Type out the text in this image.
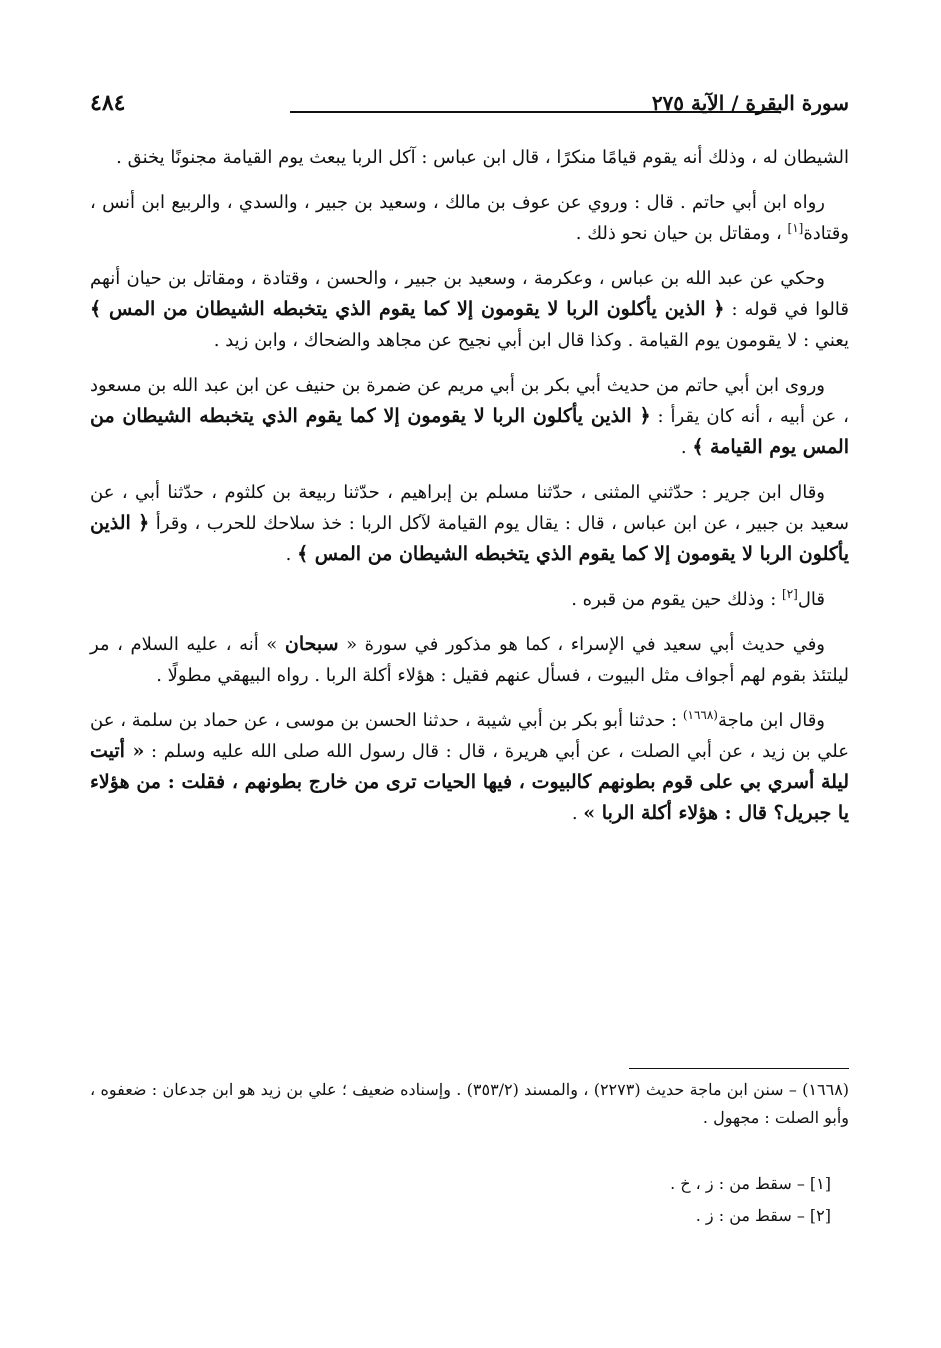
سورة البقرة / الآية ٢٧٥
٤٨٤

الشيطان له ، وذلك أنه يقوم قيامًا منكرًا ، قال ابن عباس : آكل الربا يبعث يوم القيامة مجنونًا يخنق .

رواه ابن أبي حاتم . قال : وروي عن عوف بن مالك ، وسعيد بن جبير ، والسدي ، والربيع ابن أنس ، وقتادة[١] ، ومقاتل بن حيان نحو ذلك .

وحكي عن عبد الله بن عباس ، وعكرمة ، وسعيد بن جبير ، والحسن ، وقتادة ، ومقاتل بن حيان أنهم قالوا في قوله : ﴿ الذين يأكلون الربا لا يقومون إلا كما يقوم الذي يتخبطه الشيطان من المس ﴾ يعني : لا يقومون يوم القيامة . وكذا قال ابن أبي نجيح عن مجاهد والضحاك ، وابن زيد .

وروى ابن أبي حاتم من حديث أبي بكر بن أبي مريم عن ضمرة بن حنيف عن ابن عبد الله بن مسعود ، عن أبيه ، أنه كان يقرأ : ﴿ الذين يأكلون الربا لا يقومون إلا كما يقوم الذي يتخبطه الشيطان من المس يوم القيامة ﴾ .

وقال ابن جرير : حدّثني المثنى ، حدّثنا مسلم بن إبراهيم ، حدّثنا ربيعة بن كلثوم ، حدّثنا أبي ، عن سعيد بن جبير ، عن ابن عباس ، قال : يقال يوم القيامة لآكل الربا : خذ سلاحك للحرب ، وقرأ ﴿ الذين يأكلون الربا لا يقومون إلا كما يقوم الذي يتخبطه الشيطان من المس ﴾ .

قال[٢] : وذلك حين يقوم من قبره .

وفي حديث أبي سعيد في الإسراء ، كما هو مذكور في سورة « سبحان » أنه ، عليه السلام ، مر ليلتئذ بقوم لهم أجواف مثل البيوت ، فسأل عنهم فقيل : هؤلاء أكلة الربا . رواه البيهقي مطولًا .

وقال ابن ماجة$^{(١٦٦٨)}$ : حدثنا أبو بكر بن أبي شيبة ، حدثنا الحسن بن موسى ، عن حماد بن سلمة ، عن علي بن زيد ، عن أبي الصلت ، عن أبي هريرة ، قال : قال رسول الله صلى الله عليه وسلم : « أتيت ليلة أسري بي على قوم بطونهم كالبيوت ، فيها الحيات ترى من خارج بطونهم ، فقلت : من هؤلاء يا جبريل؟ قال : هؤلاء أكلة الربا » .

(١٦٦٨) – سنن ابن ماجة حديث (٢٢٧٣) ، والمسند (٣٥٣/٢) . وإسناده ضعيف ؛ علي بن زيد هو ابن جدعان : ضعفوه ، وأبو الصلت : مجهول .

[١] – سقط من : ز ، خ .

[٢] – سقط من : ز .
